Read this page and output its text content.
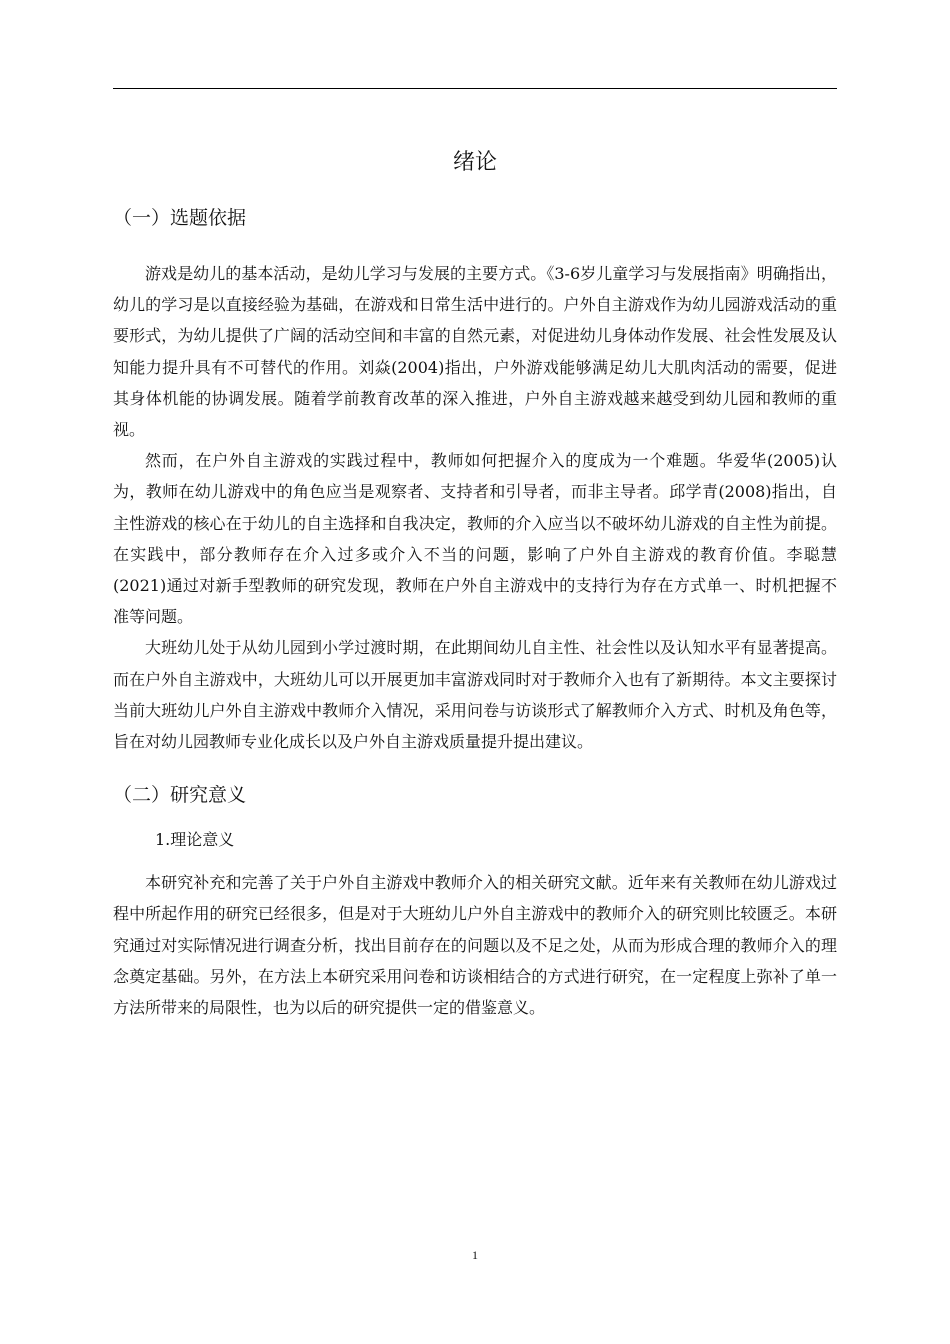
绪论
（一）选题依据

游戏是幼儿的基本活动，是幼儿学习与发展的主要方式。《3-6岁儿童学习与发展指南》明确指出，幼儿的学习是以直接经验为基础，在游戏和日常生活中进行的。户外自主游戏作为幼儿园游戏活动的重要形式，为幼儿提供了广阔的活动空间和丰富的自然元素，对促进幼儿身体动作发展、社会性发展及认知能力提升具有不可替代的作用。刘焱(2004)指出，户外游戏能够满足幼儿大肌肉活动的需要，促进其身体机能的协调发展。随着学前教育改革的深入推进，户外自主游戏越来越受到幼儿园和教师的重视。

然而，在户外自主游戏的实践过程中，教师如何把握介入的度成为一个难题。华爱华(2005)认为，教师在幼儿游戏中的角色应当是观察者、支持者和引导者，而非主导者。邱学青(2008)指出，自主性游戏的核心在于幼儿的自主选择和自我决定，教师的介入应当以不破坏幼儿游戏的自主性为前提。在实践中，部分教师存在介入过多或介入不当的问题，影响了户外自主游戏的教育价值。李聪慧(2021)通过对新手型教师的研究发现，教师在户外自主游戏中的支持行为存在方式单一、时机把握不准等问题。

大班幼儿处于从幼儿园到小学过渡时期，在此期间幼儿自主性、社会性以及认知水平有显著提高。而在户外自主游戏中，大班幼儿可以开展更加丰富游戏同时对于教师介入也有了新期待。本文主要探讨当前大班幼儿户外自主游戏中教师介入情况，采用问卷与访谈形式了解教师介入方式、时机及角色等，旨在对幼儿园教师专业化成长以及户外自主游戏质量提升提出建议。

（二）研究意义
1.理论意义

本研究补充和完善了关于户外自主游戏中教师介入的相关研究文献。近年来有关教师在幼儿游戏过程中所起作用的研究已经很多，但是对于大班幼儿户外自主游戏中的教师介入的研究则比较匮乏。本研究通过对实际情况进行调查分析，找出目前存在的问题以及不足之处，从而为形成合理的教师介入的理念奠定基础。另外，在方法上本研究采用问卷和访谈相结合的方式进行研究，在一定程度上弥补了单一方法所带来的局限性，也为以后的研究提供一定的借鉴意义。

1
